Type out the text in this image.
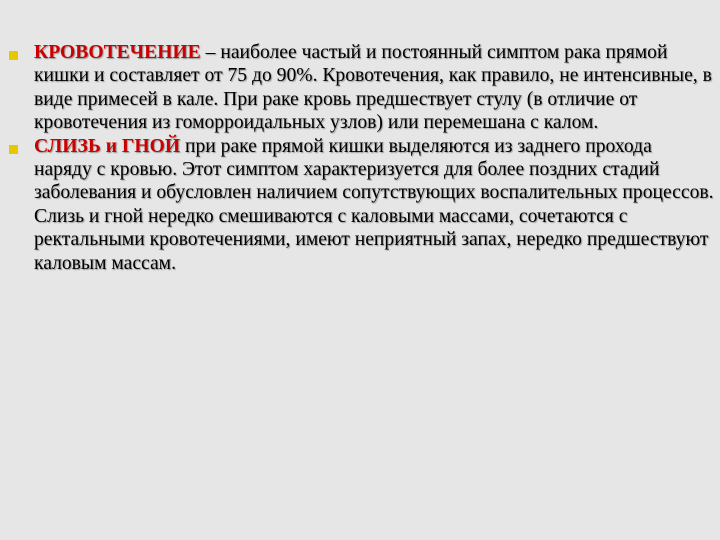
КРОВОТЕЧЕНИЕ – наиболее частый и постоянный симптом рака прямой кишки и составляет от 75 до 90%. Кровотечения, как правило, не интенсивные, в виде примесей в кале. При раке кровь предшествует стулу (в отличие от кровотечения из гоморроидальных узлов) или перемешана с калом.
СЛИЗЬ и ГНОЙ при раке прямой кишки выделяются из заднего прохода наряду с кровью. Этот симптом характеризуется для более поздних стадий заболевания и обусловлен наличием сопутствующих воспалительных процессов. Слизь и гной нередко смешиваются с каловыми массами, сочетаются с ректальными кровотечениями, имеют неприятный запах, нередко предшествуют каловым массам.
